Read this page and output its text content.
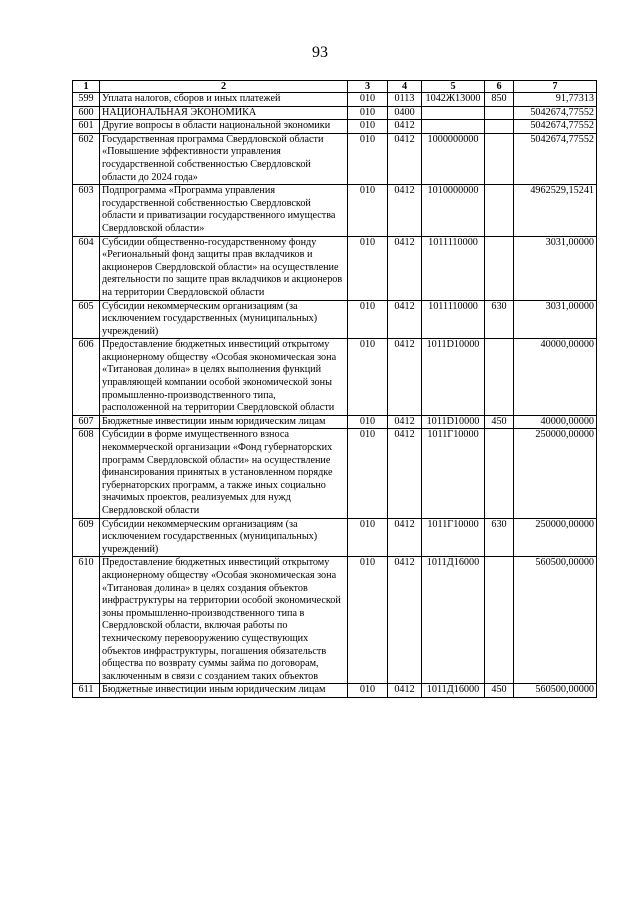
93
1	2	3	4	5	6	7
599	Уплата налогов, сборов и иных платежей	010	0113	1042Ж13000	850	91,77313
600	НАЦИОНАЛЬНАЯ ЭКОНОМИКА	010	0400			5042674,77552
601	Другие вопросы в области национальной экономики	010	0412			5042674,77552
602	Государственная программа Свердловской области «Повышение эффективности управления государственной собственностью Свердловской области до 2024 года»	010	0412	1000000000		5042674,77552
603	Подпрограмма «Программа управления государственной собственностью Свердловской области и приватизации государственного имущества Свердловской области»	010	0412	1010000000		4962529,15241
604	Субсидии общественно-государственному фонду «Региональный фонд защиты прав вкладчиков и акционеров Свердловской области» на осуществление деятельности по защите прав вкладчиков и акционеров на территории Свердловской области	010	0412	1011110000		3031,00000
605	Субсидии некоммерческим организациям (за исключением государственных (муниципальных) учреждений)	010	0412	1011110000	630	3031,00000
606	Предоставление бюджетных инвестиций открытому акционерному обществу «Особая экономическая зона «Титановая долина» в целях выполнения функций управляющей компании особой экономической зоны промышленно-производственного типа, расположенной на территории Свердловской области	010	0412	1011D10000		40000,00000
607	Бюджетные инвестиции иным юридическим лицам	010	0412	1011D10000	450	40000,00000
608	Субсидии в форме имущественного взноса некоммерческой организации «Фонд губернаторских программ Свердловской области» на осуществление финансирования принятых в установленном порядке губернаторских программ, а также иных социально значимых проектов, реализуемых для нужд Свердловской области	010	0412	1011Г10000		250000,00000
609	Субсидии некоммерческим организациям (за исключением государственных (муниципальных) учреждений)	010	0412	1011Г10000	630	250000,00000
610	Предоставление бюджетных инвестиций открытому акционерному обществу «Особая экономическая зона «Титановая долина» в целях создания объектов инфраструктуры на территории особой экономической зоны промышленно-производственного типа в Свердловской области, включая работы по техническому перевооружению существующих объектов инфраструктуры, погашения обязательств общества по возврату суммы займа по договорам, заключенным в связи с созданием таких объектов	010	0412	1011Д16000		560500,00000
611	Бюджетные инвестиции иным юридическим лицам	010	0412	1011Д16000	450	560500,00000
